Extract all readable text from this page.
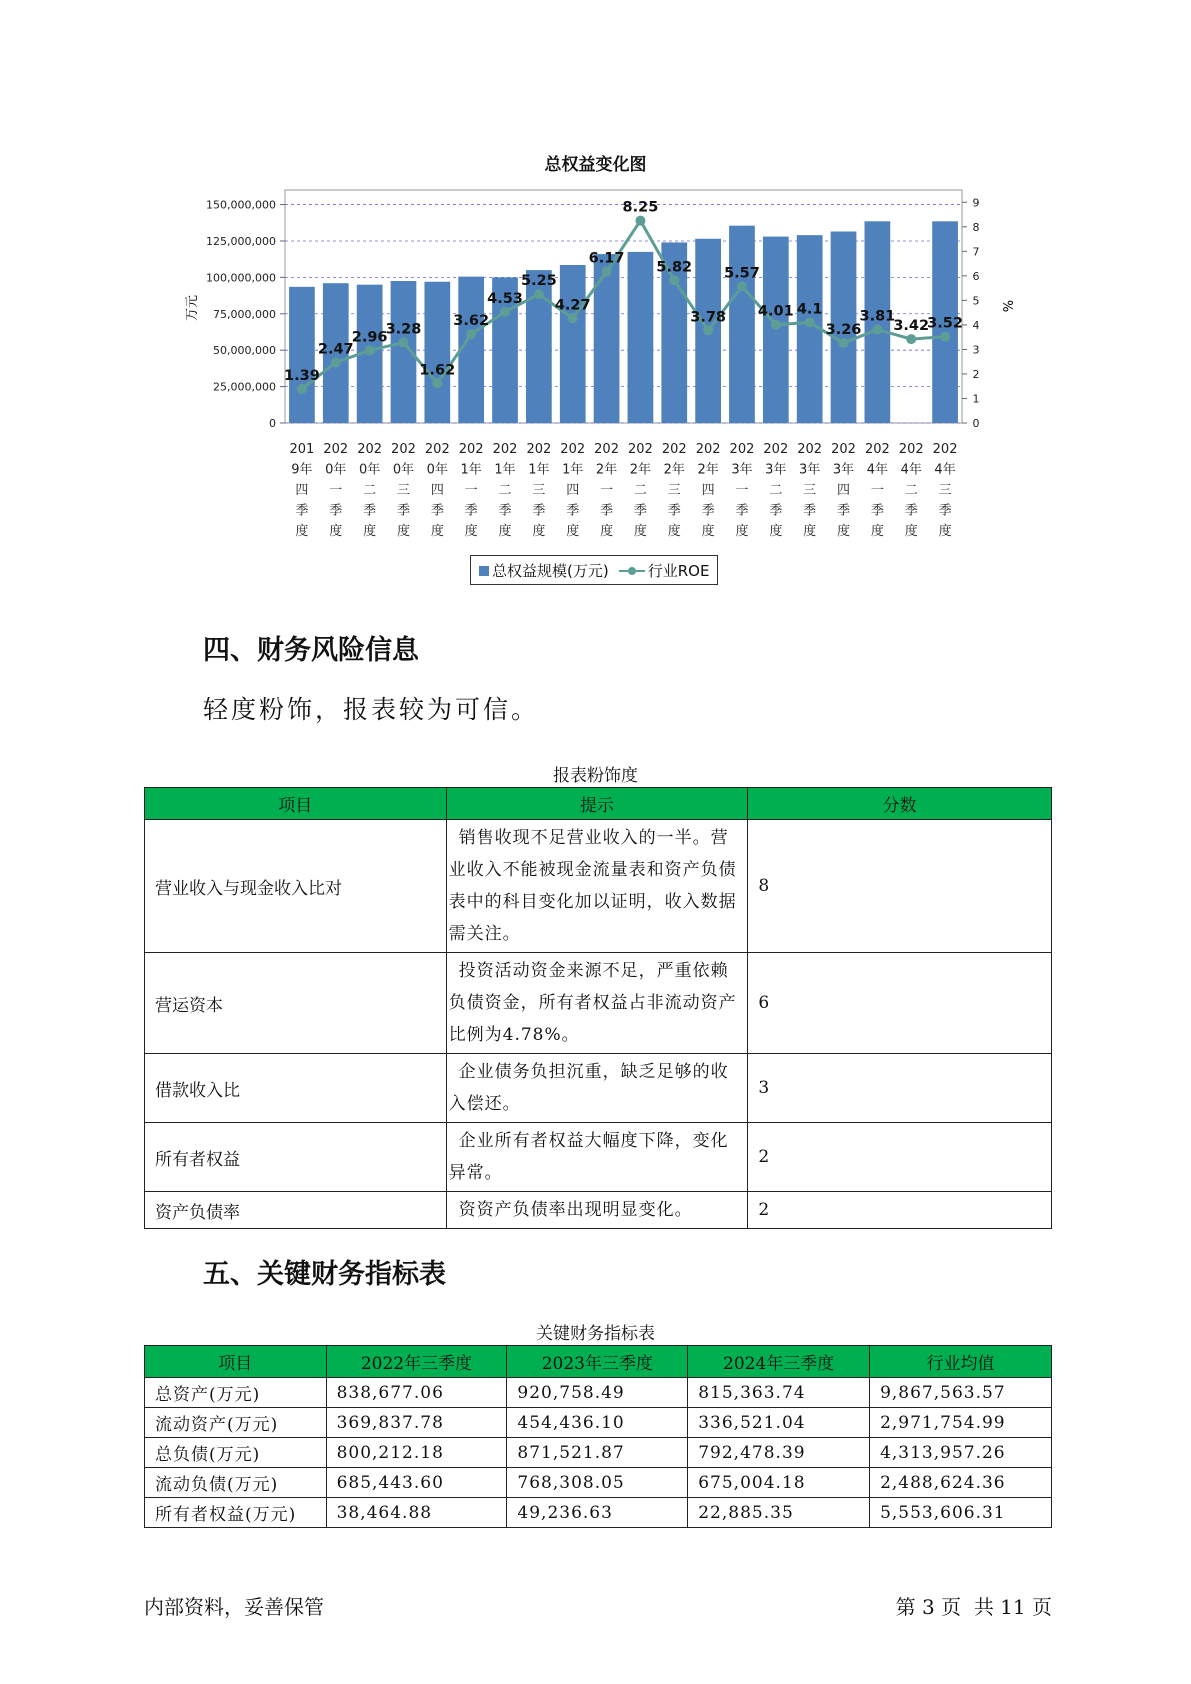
总权益变化图
0
25,000,000
50,000,000
75,000,000
100,000,000
125,000,000
150,000,000
0
1
2
3
4
5
6
7
8
9
万元	%
201 9年四季度
202 0年一季度
202 0年二季度
202 0年三季度
202 0年四季度
202 1年一季度
202 1年二季度
202 1年三季度
202 1年四季度
202 2年一季度
202 2年二季度
202 2年三季度
202 2年四季度
202 3年一季度
202 3年二季度
202 3年三季度
202 3年四季度
202 4年一季度
202 4年二季度
202 4年三季度
1.39
2.47
2.96
3.28
1.62
3.62
4.53
5.25
4.27
6.17
8.25
5.82
3.78
5.57
4.01 4.1
3.26
3.81
3.42
3.52
总权益规模(万元)	行业ROE
四、财务风险信息
轻度粉饰，报表较为可信。
报表粉饰度
项目	提示	分数
营业收入与现金收入比对	销售收现不足营业收入的一半。营业收入不能被现金流量表和资产负债表中的科目变化加以证明，收入数据需关注。	8
营运资本	投资活动资金来源不足，严重依赖负债资金，所有者权益占非流动资产比例为4.78%。	6
借款收入比	企业债务负担沉重，缺乏足够的收入偿还。	3
所有者权益	企业所有者权益大幅度下降，变化异常。	2
资产负债率	资资产负债率出现明显变化。	2
五、关键财务指标表
关键财务指标表
项目	2022年三季度	2023年三季度	2024年三季度	行业均值
总资产(万元)	838,677.06	920,758.49	815,363.74	9,867,563.57
流动资产(万元)	369,837.78	454,436.10	336,521.04	2,971,754.99
总负债(万元)	800,212.18	871,521.87	792,478.39	4,313,957.26
流动负债(万元)	685,443.60	768,308.05	675,004.18	2,488,624.36
所有者权益(万元)	38,464.88	49,236.63	22,885.35	5,553,606.31
内部资料，妥善保管	第 3 页  共 11 页
